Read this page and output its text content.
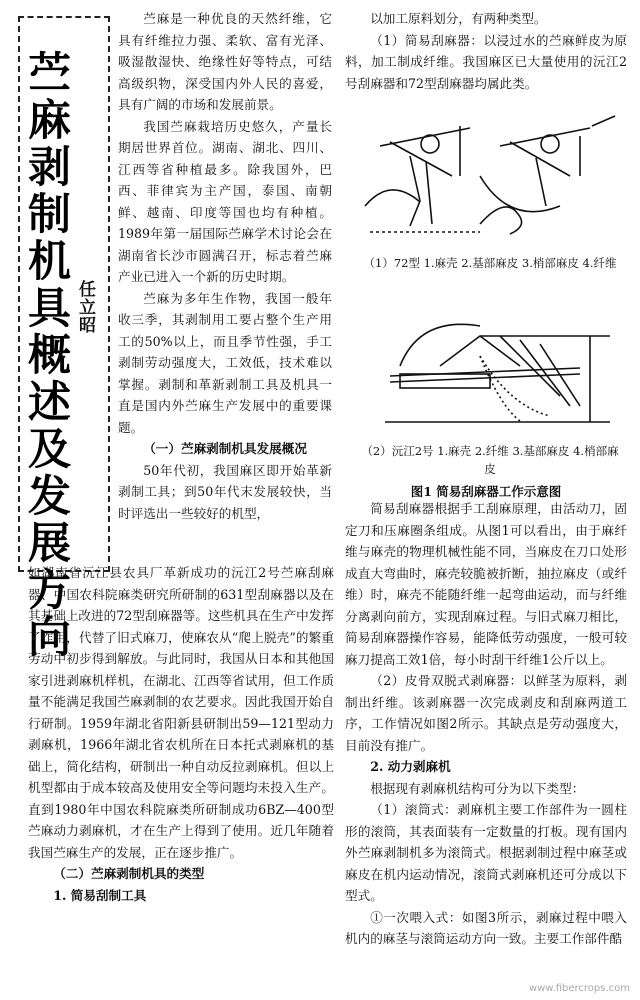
苎麻剥制机具概述及发展方向 任立昭

苎麻是一种优良的天然纤维，它具有纤维拉力强、柔软、富有光泽、吸湿散湿快、绝缘性好等特点，可结高级织物，深受国内外人民的喜爱，具有广阔的市场和发展前景。

我国苎麻栽培历史悠久，产量长期居世界首位。湖南、湖北、四川、江西等省种植最多。除我国外，巴西、菲律宾为主产国，泰国、南朝鲜、越南、印度等国也均有种植。1989年第一届国际苎麻学术讨论会在湖南省长沙市圆满召开，标志着苎麻产业已进入一个新的历史时期。

苎麻为多年生作物，我国一般年收三季，其剥制用工要占整个生产用工的50%以上，而且季节性强，手工剥制劳动强度大，工效低，技术难以掌握。剥制和革新剥制工具及机具一直是国内外苎麻生产发展中的重要课题。

（一）苎麻剥制机具发展概况

50年代初，我国麻区即开始革新剥制工具；到50年代末发展较快，当时评选出一些较好的机型，

如湖南省沅江县农具厂革新成功的沅江2号苎麻刮麻器、中国农科院麻类研究所研制的631型刮麻器以及在其基础上改进的72型刮麻器等。这些机具在生产中发挥了作用，代替了旧式麻刀，使麻农从“爬上脱壳”的繁重劳动中初步得到解放。与此同时，我国从日本和其他国家引进剥麻机样机，在湖北、江西等省试用，但工作质量不能满足我国苎麻剥制的农艺要求。因此我国开始自行研制。1959年湖北省阳新县研制出59—121型动力剥麻机，1966年湖北省农机所在日本托式剥麻机的基础上，简化结构，研制出一种自动反拉剥麻机。但以上机型都由于成本较高及使用安全等问题均未投入生产。直到1980年中国农科院麻类所研制成功6BZ—400型苎麻动力剥麻机，才在生产上得到了使用。近几年随着我国苎麻生产的发展，正在逐步推广。

（二）苎麻剥制机具的类型

1. 简易刮制工具

以加工原料划分，有两种类型。

（1）简易刮麻器：以浸过水的苎麻鲜皮为原料，加工制成纤维。我国麻区已大量使用的沅江2号刮麻器和72型刮麻器均属此类。

（1）72型 1.麻壳 2.基部麻皮 3.梢部麻皮 4.纤维
（2）沅江2号 1.麻壳 2.纤维 3.基部麻皮 4.梢部麻皮
图1 简易刮麻器工作示意图

简易刮麻器根据手工刮麻原理，由活动刀，固定刀和压麻圈条组成。从图1可以看出，由于麻纤维与麻壳的物理机械性能不同，当麻皮在刀口处形成直大弯曲时，麻壳较脆被折断，抽拉麻皮（或纤维）时，麻壳不能随纤维一起弯曲运动，而与纤维分离剥向前方，实现刮麻过程。与旧式麻刀相比，简易刮麻器操作容易，能降低劳动强度，一般可较麻刀提高工效1倍，每小时刮干纤维1公斤以上。

（2）皮骨双脱式剥麻器：以鲜茎为原料，剥制出纤维。该剥麻器一次完成剥皮和刮麻两道工序，工作情况如图2所示。其缺点是劳动强度大，目前没有推广。

2. 动力剥麻机

根据现有剥麻机结构可分为以下类型：

（1）滚筒式：剥麻机主要工作部件为一圆柱形的滚筒，其表面装有一定数量的打板。现有国内外苎麻剥制机多为滚筒式。根据剥制过程中麻茎或麻皮在机内运动情况，滚筒式剥麻机还可分成以下型式。

①一次喂入式：如图3所示，剥麻过程中喂入机内的麻茎与滚筒运动方向一致。主要工作部件酷

www.fibercrops.com
